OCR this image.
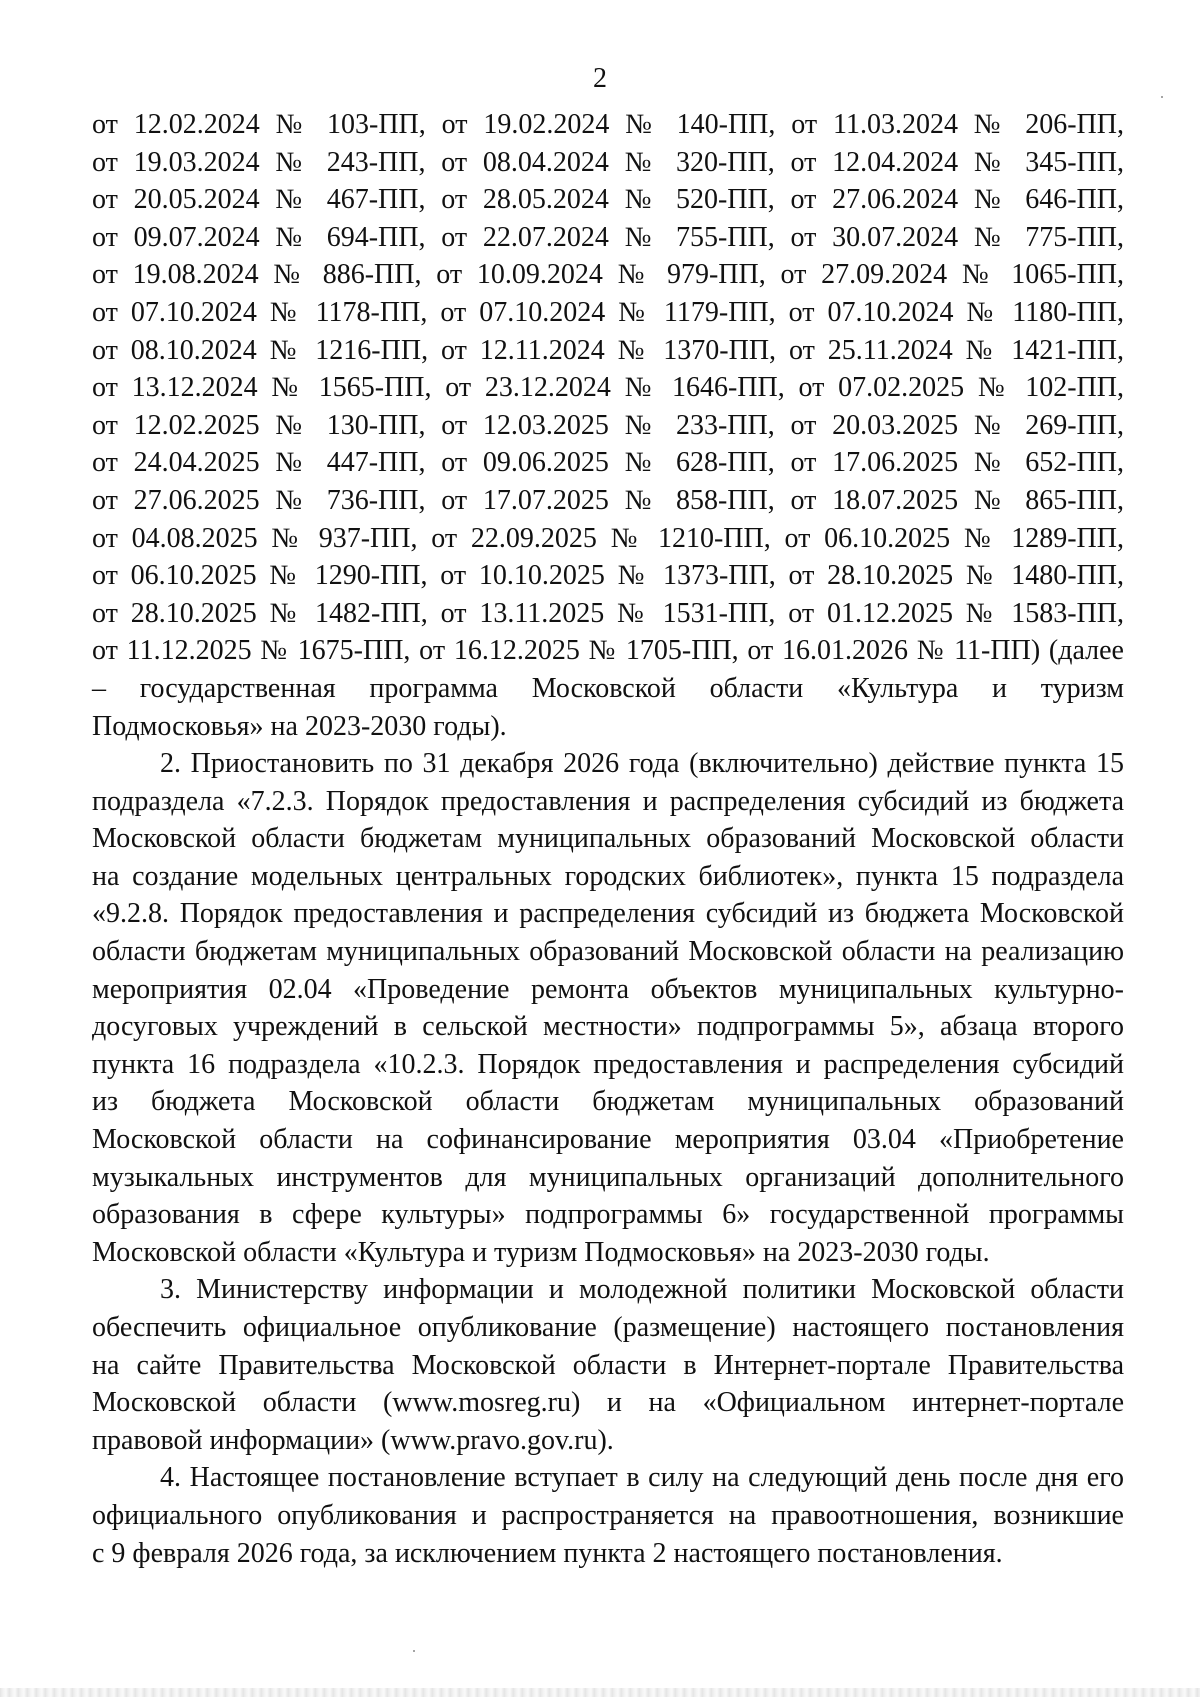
2
от 12.02.2024 № 103-ПП, от 19.02.2024 № 140-ПП, от 11.03.2024 № 206-ПП,
от 19.03.2024 № 243-ПП, от 08.04.2024 № 320-ПП, от 12.04.2024 № 345-ПП,
от 20.05.2024 № 467-ПП, от 28.05.2024 № 520-ПП, от 27.06.2024 № 646-ПП,
от 09.07.2024 № 694-ПП, от 22.07.2024 № 755-ПП, от 30.07.2024 № 775-ПП,
от 19.08.2024 № 886-ПП, от 10.09.2024 № 979-ПП, от 27.09.2024 № 1065-ПП,
от 07.10.2024 № 1178-ПП, от 07.10.2024 № 1179-ПП, от 07.10.2024 № 1180-ПП,
от 08.10.2024 № 1216-ПП, от 12.11.2024 № 1370-ПП, от 25.11.2024 № 1421-ПП,
от 13.12.2024 № 1565-ПП, от 23.12.2024 № 1646-ПП, от 07.02.2025 № 102-ПП,
от 12.02.2025 № 130-ПП, от 12.03.2025 № 233-ПП, от 20.03.2025 № 269-ПП,
от 24.04.2025 № 447-ПП, от 09.06.2025 № 628-ПП, от 17.06.2025 № 652-ПП,
от 27.06.2025 № 736-ПП, от 17.07.2025 № 858-ПП, от 18.07.2025 № 865-ПП,
от 04.08.2025 № 937-ПП, от 22.09.2025 № 1210-ПП, от 06.10.2025 № 1289-ПП,
от 06.10.2025 № 1290-ПП, от 10.10.2025 № 1373-ПП, от 28.10.2025 № 1480-ПП,
от 28.10.2025 № 1482-ПП, от 13.11.2025 № 1531-ПП, от 01.12.2025 № 1583-ПП,
от 11.12.2025 № 1675-ПП, от 16.12.2025 № 1705-ПП, от 16.01.2026 № 11-ПП) (далее
– государственная программа Московской области «Культура и туризм
Подмосковья» на 2023-2030 годы).
2. Приостановить по 31 декабря 2026 года (включительно) действие пункта 15
подраздела «7.2.3. Порядок предоставления и распределения субсидий из бюджета
Московской области бюджетам муниципальных образований Московской области
на создание модельных центральных городских библиотек», пункта 15 подраздела
«9.2.8. Порядок предоставления и распределения субсидий из бюджета Московской
области бюджетам муниципальных образований Московской области на реализацию
мероприятия 02.04 «Проведение ремонта объектов муниципальных культурно-
досуговых учреждений в сельской местности» подпрограммы 5», абзаца второго
пункта 16 подраздела «10.2.3. Порядок предоставления и распределения субсидий
из бюджета Московской области бюджетам муниципальных образований
Московской области на софинансирование мероприятия 03.04 «Приобретение
музыкальных инструментов для муниципальных организаций дополнительного
образования в сфере культуры» подпрограммы 6» государственной программы
Московской области «Культура и туризм Подмосковья» на 2023-2030 годы.
3. Министерству информации и молодежной политики Московской области
обеспечить официальное опубликование (размещение) настоящего постановления
на сайте Правительства Московской области в Интернет-портале Правительства
Московской области (www.mosreg.ru) и на «Официальном интернет-портале
правовой информации» (www.pravo.gov.ru).
4. Настоящее постановление вступает в силу на следующий день после дня его
официального опубликования и распространяется на правоотношения, возникшие
с 9 февраля 2026 года, за исключением пункта 2 настоящего постановления.
